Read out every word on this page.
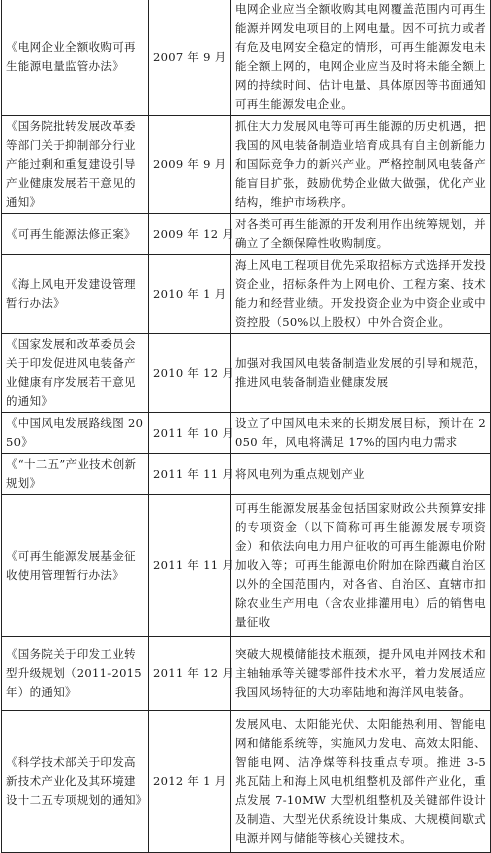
《电网企业全额收购可再生能源电量监管办法》	2007 年 9 月	电网企业应当全额收购其电网覆盖范围内可再生能源并网发电项目的上网电量。因不可抗力或者有危及电网安全稳定的情形，可再生能源发电未能全额上网的，电网企业应当及时将未能全额上网的持续时间、估计电量、具体原因等书面通知可再生能源发电企业。
《国务院批转发展改革委等部门关于抑制部分行业产能过剩和重复建设引导产业健康发展若干意见的通知》	2009 年 9 月	抓住大力发展风电等可再生能源的历史机遇，把我国的风电装备制造业培育成具有自主创新能力和国际竞争力的新兴产业。严格控制风电装备产能盲目扩张，鼓励优势企业做大做强，优化产业结构，维护市场秩序。
《可再生能源法修正案》	2009 年 12 月	对各类可再生能源的开发利用作出统筹规划，并确立了全额保障性收购制度。
《海上风电开发建设管理暂行办法》	2010 年 1 月	海上风电工程项目优先采取招标方式选择开发投资企业，招标条件为上网电价、工程方案、技术能力和经营业绩。开发投资企业为中资企业或中资控股（50%以上股权）中外合资企业。
《国家发展和改革委员会关于印发促进风电装备产业健康有序发展若干意见的通知》	2010 年 12 月	加强对我国风电装备制造业发展的引导和规范，推进风电装备制造业健康发展
《中国风电发展路线图 2050》	2011 年 10 月	设立了中国风电未来的长期发展目标，预计在 2050 年，风电将满足 17%的国内电力需求
《“十二五”产业技术创新规划》	2011 年 11 月	将风电列为重点规划产业
《可再生能源发展基金征收使用管理暂行办法》	2011 年 11 月	可再生能源发展基金包括国家财政公共预算安排的专项资金（以下简称可再生能源发展专项资金）和依法向电力用户征收的可再生能源电价附加收入等；可再生能源电价附加在除西藏自治区以外的全国范围内，对各省、自治区、直辖市扣除农业生产用电（含农业排灌用电）后的销售电量征收
《国务院关于印发工业转型升级规划（2011-2015 年）的通知》	2011 年 12 月	突破大规模储能技术瓶颈，提升风电并网技术和主轴轴承等关键零部件技术水平，着力发展适应我国风场特征的大功率陆地和海洋风电装备。
《科学技术部关于印发高新技术产业化及其环境建设十二五专项规划的通知》	2012 年 1 月	发展风电、太阳能光伏、太阳能热利用、智能电网和储能系统等，实施风力发电、高效太阳能、智能电网、洁净煤等科技重点专项。推进 3-5 兆瓦陆上和海上风电机组整机及部件产业化，重点发展 7-10MW 大型机组整机及关键部件设计及制造、大型光伏系统设计集成、大规模间歇式电源并网与储能等核心关键技术。
